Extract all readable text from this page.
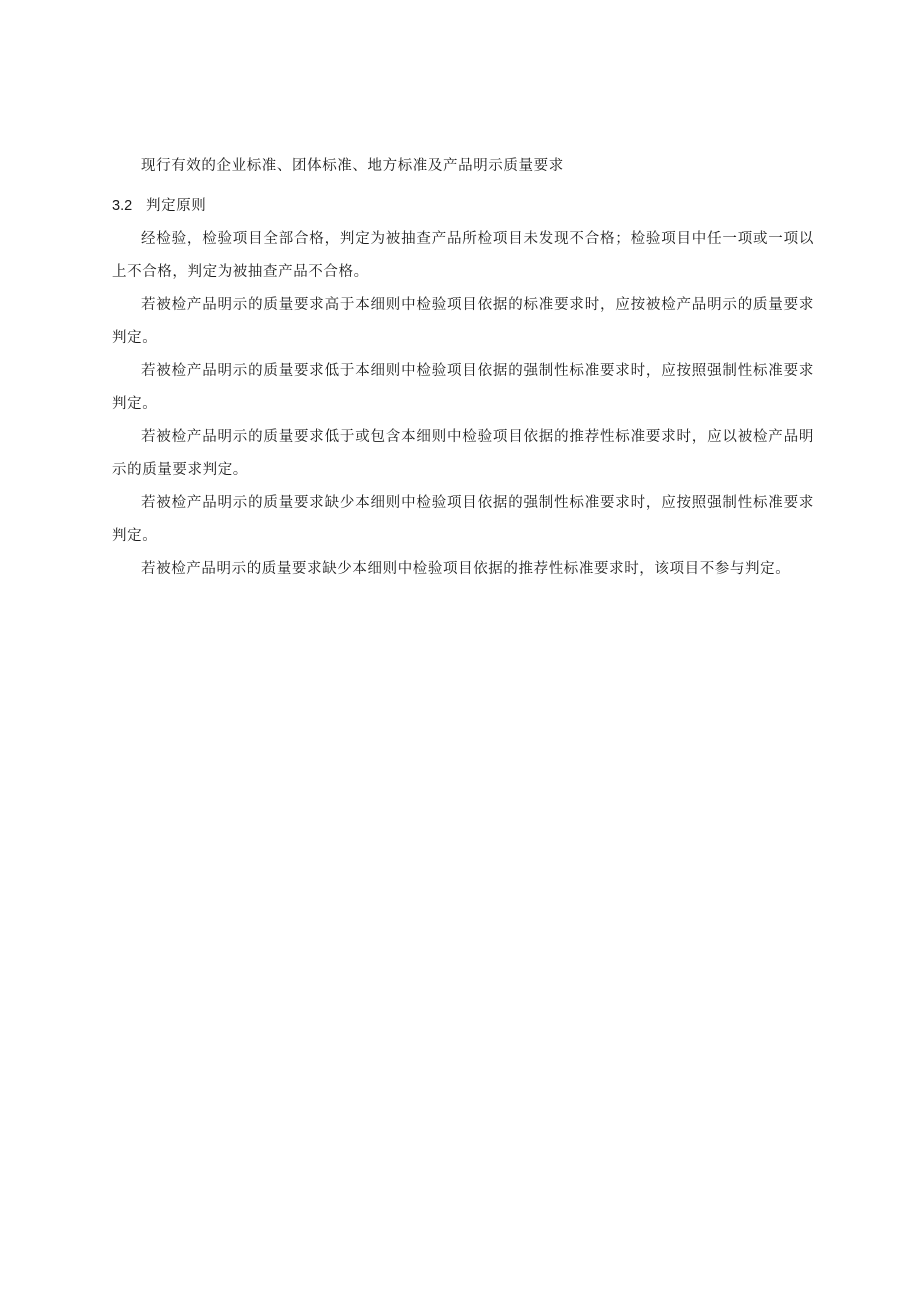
现行有效的企业标准、团体标准、地方标准及产品明示质量要求

3.2 判定原则

经检验，检验项目全部合格，判定为被抽查产品所检项目未发现不合格；检验项目中任一项或一项以上不合格，判定为被抽查产品不合格。

若被检产品明示的质量要求高于本细则中检验项目依据的标准要求时，应按被检产品明示的质量要求判定。

若被检产品明示的质量要求低于本细则中检验项目依据的强制性标准要求时，应按照强制性标准要求判定。

若被检产品明示的质量要求低于或包含本细则中检验项目依据的推荐性标准要求时，应以被检产品明示的质量要求判定。

若被检产品明示的质量要求缺少本细则中检验项目依据的强制性标准要求时，应按照强制性标准要求判定。

若被检产品明示的质量要求缺少本细则中检验项目依据的推荐性标准要求时，该项目不参与判定。
